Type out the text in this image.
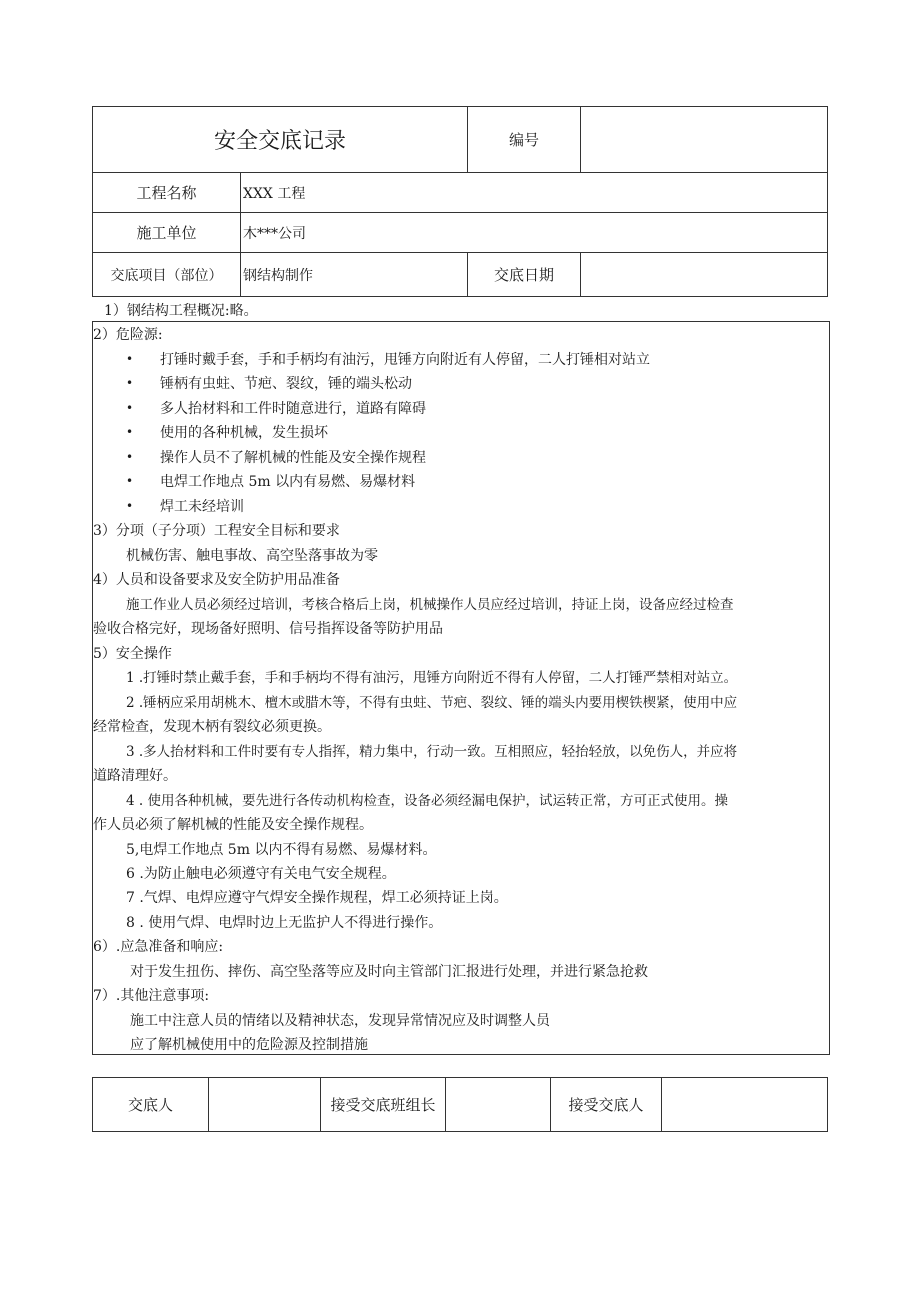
安全交底记录	编号
工程名称	XXX 工程
施工单位	木***公司
交底项目（部位）	钢结构制作	交底日期
1）钢结构工程概况:略。
2）危险源:
• 打锤时戴手套，手和手柄均有油污，甩锤方向附近有人停留，二人打锤相对站立
• 锤柄有虫蛀、节疤、裂纹，锤的端头松动
• 多人抬材料和工件时随意进行，道路有障碍
• 使用的各种机械，发生损坏
• 操作人员不了解机械的性能及安全操作规程
• 电焊工作地点 5m 以内有易燃、易爆材料
• 焊工未经培训
3）分项（子分项）工程安全目标和要求
机械伤害、触电事故、高空坠落事故为零
4）人员和设备要求及安全防护用品准备
施工作业人员必须经过培训，考核合格后上岗，机械操作人员应经过培训，持证上岗，设备应经过检查
验收合格完好，现场备好照明、信号指挥设备等防护用品
5）安全操作
1 .打锤时禁止戴手套，手和手柄均不得有油污，甩锤方向附近不得有人停留，二人打锤严禁相对站立。
2 .锤柄应采用胡桃木、檀木或腊木等，不得有虫蛀、节疤、裂纹、锤的端头内要用楔铁楔紧，使用中应
经常检查，发现木柄有裂纹必须更换。
3 .多人抬材料和工件时要有专人指挥，精力集中，行动一致。互相照应，轻抬轻放，以免伤人，并应将
道路清理好。
4 . 使用各种机械，要先进行各传动机构检查，设备必须经漏电保护，试运转正常，方可正式使用。操
作人员必须了解机械的性能及安全操作规程。
5,电焊工作地点 5m 以内不得有易燃、易爆材料。
6 .为防止触电必须遵守有关电气安全规程。
7 .气焊、电焊应遵守气焊安全操作规程，焊工必须持证上岗。
8 . 使用气焊、电焊时边上无监护人不得进行操作。
6）.应急准备和响应:
对于发生扭伤、摔伤、高空坠落等应及时向主管部门汇报进行处理，并进行紧急抢救
7）.其他注意事项:
施工中注意人员的情绪以及精神状态，发现异常情况应及时调整人员
应了解机械使用中的危险源及控制措施
交底人	接受交底班组长	接受交底人
